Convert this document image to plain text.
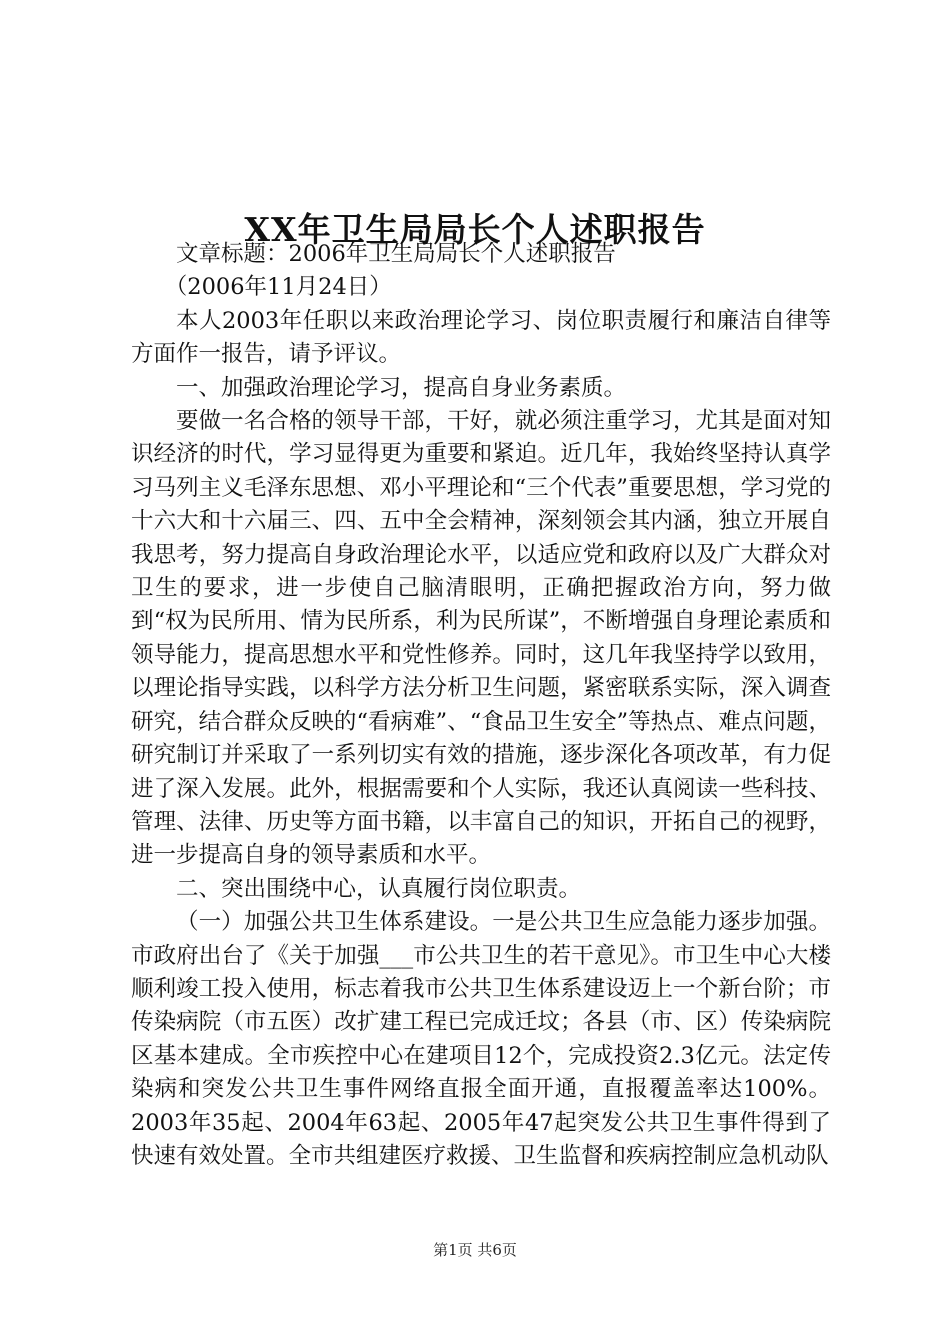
XX年卫生局局长个人述职报告

文章标题：2006年卫生局局长个人述职报告

（2006年11月24日）

本人2003年任职以来政治理论学习、岗位职责履行和廉洁自律等方面作一报告，请予评议。

一、加强政治理论学习，提高自身业务素质。

要做一名合格的领导干部，干好，就必须注重学习，尤其是面对知识经济的时代，学习显得更为重要和紧迫。近几年，我始终坚持认真学习马列主义毛泽东思想、邓小平理论和“三个代表”重要思想，学习党的十六大和十六届三、四、五中全会精神，深刻领会其内涵，独立开展自我思考，努力提高自身政治理论水平，以适应党和政府以及广大群众对卫生的要求，进一步使自己脑清眼明，正确把握政治方向，努力做到“权为民所用、情为民所系，利为民所谋”，不断增强自身理论素质和领导能力，提高思想水平和党性修养。同时，这几年我坚持学以致用，以理论指导实践，以科学方法分析卫生问题，紧密联系实际，深入调查研究，结合群众反映的“看病难”、“食品卫生安全”等热点、难点问题，研究制订并采取了一系列切实有效的措施，逐步深化各项改革，有力促进了深入发展。此外，根据需要和个人实际，我还认真阅读一些科技、管理、法律、历史等方面书籍，以丰富自己的知识，开拓自己的视野，进一步提高自身的领导素质和水平。

二、突出围绕中心，认真履行岗位职责。

（一）加强公共卫生体系建设。一是公共卫生应急能力逐步加强。市政府出台了《关于加强___市公共卫生的若干意见》。市卫生中心大楼顺利竣工投入使用，标志着我市公共卫生体系建设迈上一个新台阶；市传染病院（市五医）改扩建工程已完成迁坟；各县（市、区）传染病院区基本建成。全市疾控中心在建项目12个，完成投资2.3亿元。法定传染病和突发公共卫生事件网络直报全面开通，直报覆盖率达100%。2003年35起、2004年63起、2005年47起突发公共卫生事件得到了快速有效处置。全市共组建医疗救援、卫生监督和疾病控制应急机动队

第1页 共6页
